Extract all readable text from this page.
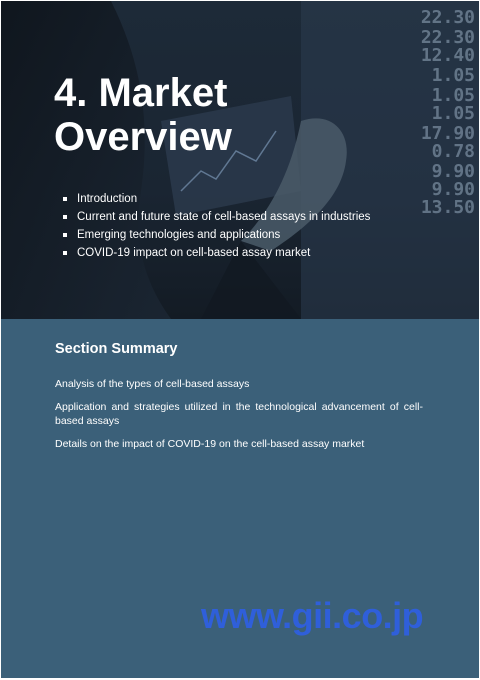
22.30
22.30
12.40
1.05
1.05
1.05
17.90
0.78
9.90
9.90
13.50
4. Market
Overview
Introduction
Current and future state of cell-based assays in industries
Emerging technologies and applications
COVID-19 impact on cell-based assay market
Section Summary

Analysis of the types of cell-based assays

Application and strategies utilized in the technological advancement of cell-based assays

Details on the impact of COVID-19 on the cell-based assay market

www.gii.co.jp
